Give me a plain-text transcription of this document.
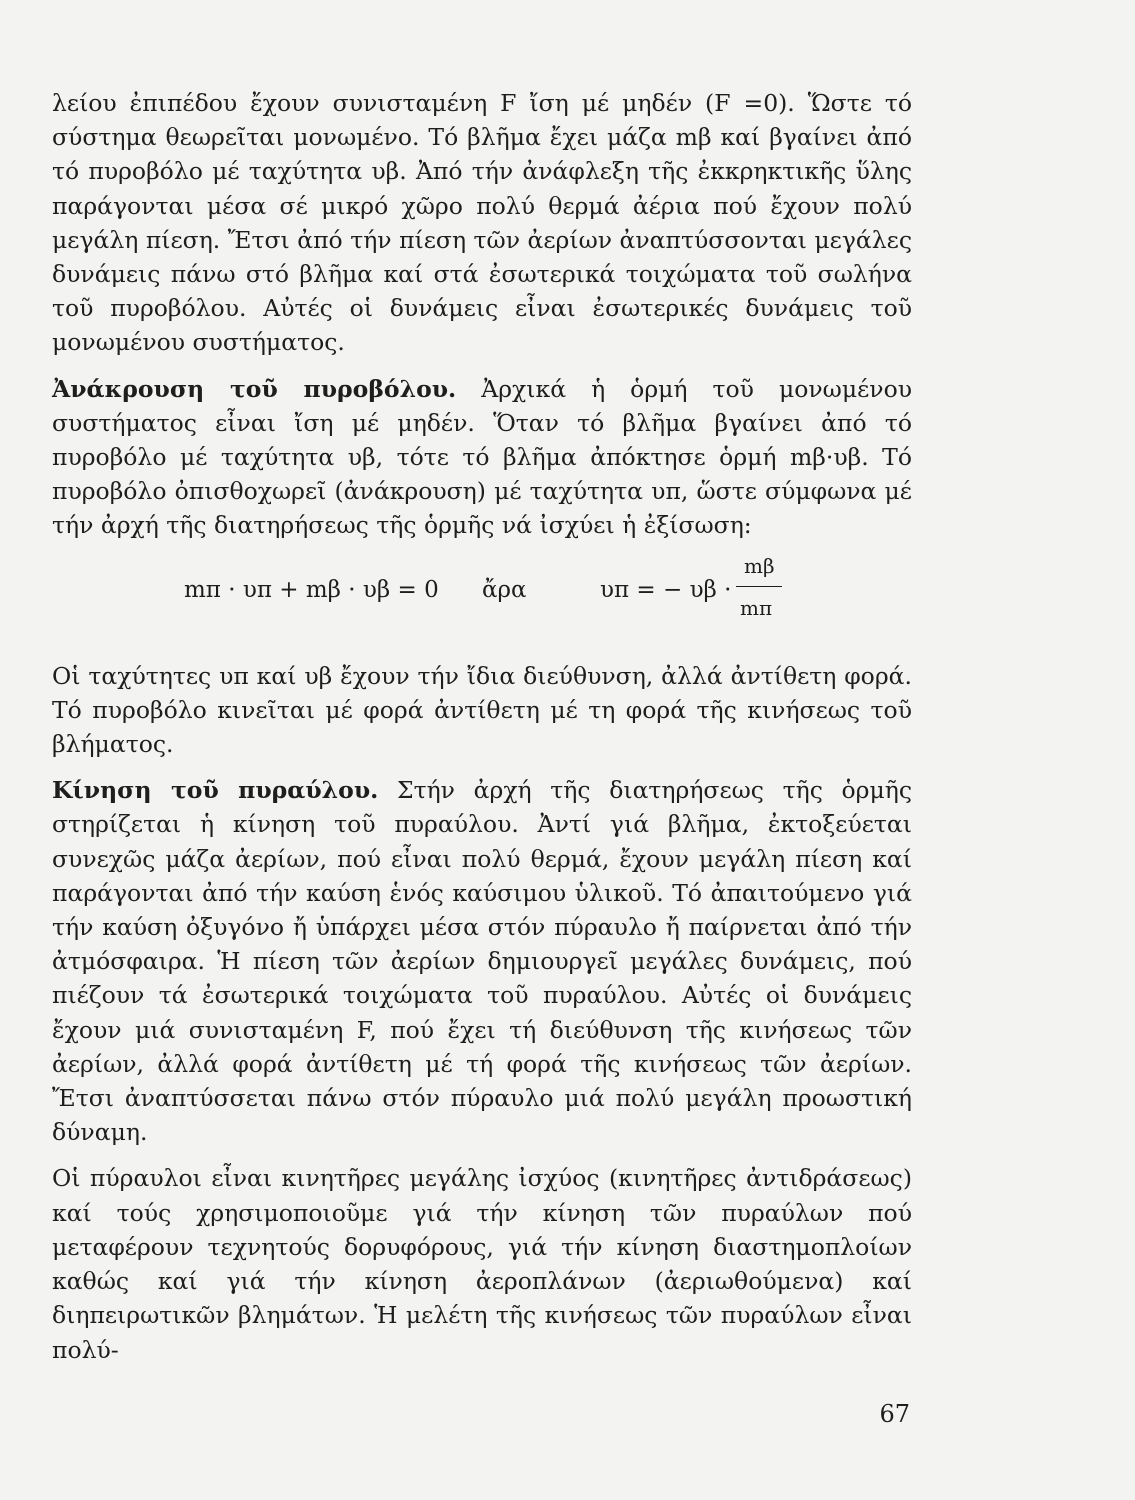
λείου ἐπιπέδου ἔχουν συνισταμένη F ἴση μέ μηδέν (F =0). Ὥστε τό σύστημα θεωρεῖται μονωμένο. Τό βλῆμα ἔχει μάζα mβ καί βγαίνει ἀπό τό πυροβόλο μέ ταχύτητα υβ. Ἀπό τήν ἀνάφλεξη τῆς ἐκκρηκτικῆς ὕλης παράγονται μέσα σέ μικρό χῶρο πολύ θερμά ἀέρια πού ἔχουν πολύ μεγάλη πίεση. Ἔτσι ἀπό τήν πίεση τῶν ἀερίων ἀναπτύσσονται μεγάλες δυνάμεις πάνω στό βλῆμα καί στά ἐσωτερικά τοιχώματα τοῦ σωλήνα τοῦ πυροβόλου. Αὐτές οἱ δυνάμεις εἶναι ἐσωτερικές δυνάμεις τοῦ μονωμένου συστήματος.

Ἀνάκρουση τοῦ πυροβόλου. Ἀρχικά ἡ ὁρμή τοῦ μονωμένου συστήματος εἶναι ἴση μέ μηδέν. Ὅταν τό βλῆμα βγαίνει ἀπό τό πυροβόλο μέ ταχύτητα υβ, τότε τό βλῆμα ἀπόκτησε ὁρμή mβ·υβ. Τό πυροβόλο ὀπισθοχωρεῖ (ἀνάκρουση) μέ ταχύτητα υπ, ὥστε σύμφωνα μέ τήν ἀρχή τῆς διατηρήσεως τῆς ὁρμῆς νά ἰσχύει ἡ ἐξίσωση:

mπ · υπ + mβ · υβ = 0 ἄρα	υπ = − υβ ·
mβ
mπ

Οἱ ταχύτητες υπ καί υβ ἔχουν τήν ἴδια διεύθυνση, ἀλλά ἀντίθετη φορά. Τό πυροβόλο κινεῖται μέ φορά ἀντίθετη μέ τη φορά τῆς κινήσεως τοῦ βλήματος.

Κίνηση τοῦ πυραύλου. Στήν ἀρχή τῆς διατηρήσεως τῆς ὁρμῆς στηρίζεται ἡ κίνηση τοῦ πυραύλου. Ἀντί γιά βλῆμα, ἐκτοξεύεται συνεχῶς μάζα ἀερίων, πού εἶναι πολύ θερμά, ἔχουν μεγάλη πίεση καί παράγονται ἀπό τήν καύση ἑνός καύσιμου ὑλικοῦ. Τό ἀπαιτούμενο γιά τήν καύση ὀξυγόνο ἤ ὑπάρχει μέσα στόν πύραυλο ἤ παίρνεται ἀπό τήν ἀτμόσφαιρα. Ἡ πίεση τῶν ἀερίων δημιουργεῖ μεγάλες δυνάμεις, πού πιέζουν τά ἐσωτερικά τοιχώματα τοῦ πυραύλου. Αὐτές οἱ δυνάμεις ἔχουν μιά συνισταμένη F, πού ἔχει τή διεύθυνση τῆς κινήσεως τῶν ἀερίων, ἀλλά φορά ἀντίθετη μέ τή φορά τῆς κινήσεως τῶν ἀερίων. Ἔτσι ἀναπτύσσεται πάνω στόν πύραυλο μιά πολύ μεγάλη προωστική δύναμη.

Οἱ πύραυλοι εἶναι κινητῆρες μεγάλης ἰσχύος (κινητῆρες ἀντιδράσεως) καί τούς χρησιμοποιοῦμε γιά τήν κίνηση τῶν πυραύλων πού μεταφέρουν τεχνητούς δορυφόρους, γιά τήν κίνηση διαστημοπλοίων καθώς καί γιά τήν κίνηση ἀεροπλάνων (ἀεριωθούμενα) καί διηπειρωτικῶν βλημάτων. Ἡ μελέτη τῆς κινήσεως τῶν πυραύλων εἶναι πολύ-

67
